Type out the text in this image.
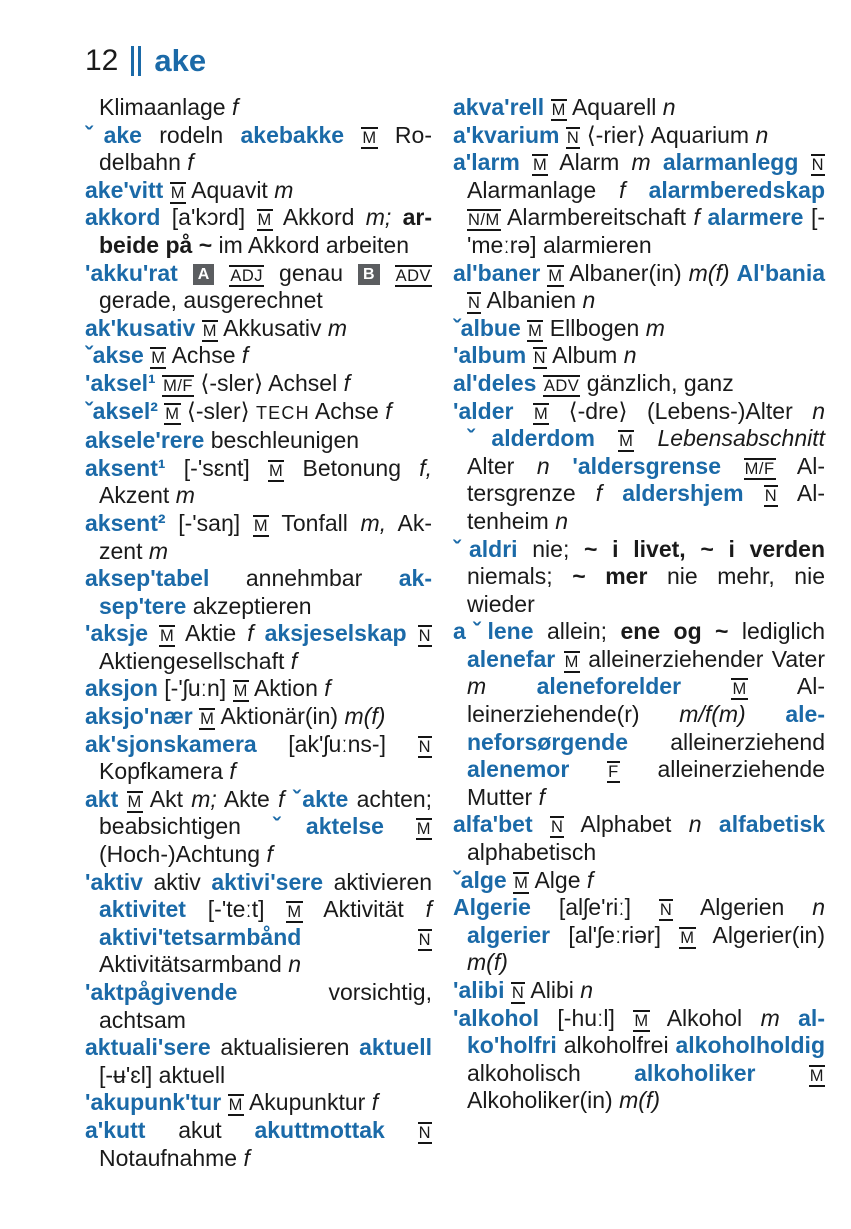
12 ake

Klimaanlage f

ˇake rodeln akebakke M Rodelbahn f

ake'vitt M Aquavit m

akkord [a'kɔrd] M Akkord m; arbeide på ~ im Akkord arbeiten

'akku'rat A ADJ genau B ADV gerade, ausgerechnet

ak'kusativ M Akkusativ m

ˇakse M Achse f

'aksel¹ M/F ⟨-sler⟩ Achsel f

ˇaksel² M ⟨-sler⟩ TECH Achse f

aksele'rere beschleunigen

aksent¹ [-'sɛnt] M Betonung f, Akzent m

aksent² [-'saŋ] M Tonfall m, Akzent m

aksep'tabel annehmbar aksep'tere akzeptieren

'aksje M Aktie f aksjeselskap N Aktiengesellschaft f

aksjon [-'ʃuːn] M Aktion f

aksjo'nær M Aktionär(in) m(f)

ak'sjonskamera [ak'ʃuːns-] N Kopfkamera f

akt M Akt m; Akte f ˇakte achten; beabsichtigen ˇaktelse M (Hoch-)Achtung f

'aktiv aktiv aktivi'sere aktivieren aktivitet [-'teːt] M Aktivität f aktivi'tetsarmbånd	N Aktivitätsarmband n

'aktpågivende	vorsichtig, achtsam

aktuali'sere aktualisieren aktuell [-ʉ'ɛl] aktuell

'akupunk'tur M Akupunktur f

a'kutt akut akuttmottak N Notaufnahme f

akva'rell M Aquarell n

a'kvarium N ⟨-rier⟩ Aquarium n

a'larm M Alarm m alarmanlegg N Alarmanlage f alarmberedskap N/M Alarmbereitschaft f alarmere [-'meːrə] alarmieren

al'baner M Albaner(in) m(f) Al'bania N Albanien n

ˇalbue M Ellbogen m

'album N Album n

al'deles ADV gänzlich, ganz

'alder M ⟨-dre⟩ (Lebens-)Alter n ˇalderdom M Lebensabschnitt Alter n 'aldersgrense M/F Altersgrenze f aldershjem N Altenheim n

ˇaldri nie; ~ i livet, ~ i verden niemals; ~ mer nie mehr, nie wieder

aˇlene allein; ene og ~ lediglich alenefar M alleinerziehender Vater m aleneforelder	M Alleinerziehende(r) m/f(m) aleneforsørgende alleinerziehend alenemor F alleinerziehende Mutter f

alfa'bet N Alphabet n alfabetisk alphabetisch

ˇalge M Alge f

Algerie [alʃe'riː] N Algerien n algerier [al'ʃeːriər] M Algerier(in) m(f)

'alibi N Alibi n

'alkohol [-huːl] M Alkohol m alko'holfri alkoholfrei alkoholholdig alkoholisch alkoholiker	M Alkoholiker(in) m(f)
